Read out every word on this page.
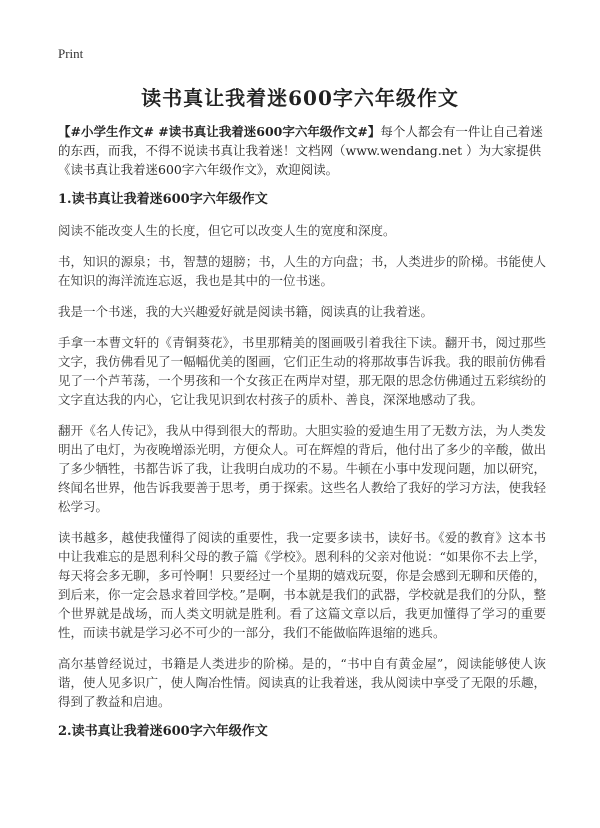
Print
读书真让我着迷600字六年级作文

【#小学生作文# #读书真让我着迷600字六年级作文#】每个人都会有一件让自己着迷的东西，而我，不得不说读书真让我着迷！文档网（www.wendang.net ）为大家提供《读书真让我着迷600字六年级作文》，欢迎阅读。

1.读书真让我着迷600字六年级作文

阅读不能改变人生的长度，但它可以改变人生的宽度和深度。

书，知识的源泉；书，智慧的翅膀；书，人生的方向盘；书，人类进步的阶梯。书能使人在知识的海洋流连忘返，我也是其中的一位书迷。

我是一个书迷，我的大兴趣爱好就是阅读书籍，阅读真的让我着迷。

手拿一本曹文轩的《青铜葵花》，书里那精美的图画吸引着我往下读。翻开书，阅过那些文字，我仿佛看见了一幅幅优美的图画，它们正生动的将那故事告诉我。我的眼前仿佛看见了一个芦苇荡，一个男孩和一个女孩正在两岸对望，那无限的思念仿佛通过五彩缤纷的文字直达我的内心，它让我见识到农村孩子的质朴、善良，深深地感动了我。

翻开《名人传记》，我从中得到很大的帮助。大胆实验的爱迪生用了无数方法，为人类发明出了电灯，为夜晚增添光明，方便众人。可在辉煌的背后，他付出了多少的辛酸，做出了多少牺牲，书都告诉了我，让我明白成功的不易。牛顿在小事中发现问题，加以研究，终闻名世界，他告诉我要善于思考，勇于探索。这些名人教给了我好的学习方法，使我轻松学习。

读书越多，越使我懂得了阅读的重要性，我一定要多读书，读好书。《爱的教育》这本书中让我难忘的是恩利科父母的教子篇《学校》。恩利科的父亲对他说：“如果你不去上学，每天将会多无聊，多可怜啊！只要经过一个星期的嬉戏玩耍，你是会感到无聊和厌倦的，到后来，你一定会恳求着回学校。”是啊，书本就是我们的武器，学校就是我们的分队，整个世界就是战场，而人类文明就是胜利。看了这篇文章以后，我更加懂得了学习的重要性，而读书就是学习必不可少的一部分，我们不能做临阵退缩的逃兵。

高尔基曾经说过，书籍是人类进步的阶梯。是的，“书中自有黄金屋”，阅读能够使人诙谐，使人见多识广，使人陶冶性情。阅读真的让我着迷，我从阅读中享受了无限的乐趣，得到了教益和启迪。

2.读书真让我着迷600字六年级作文
